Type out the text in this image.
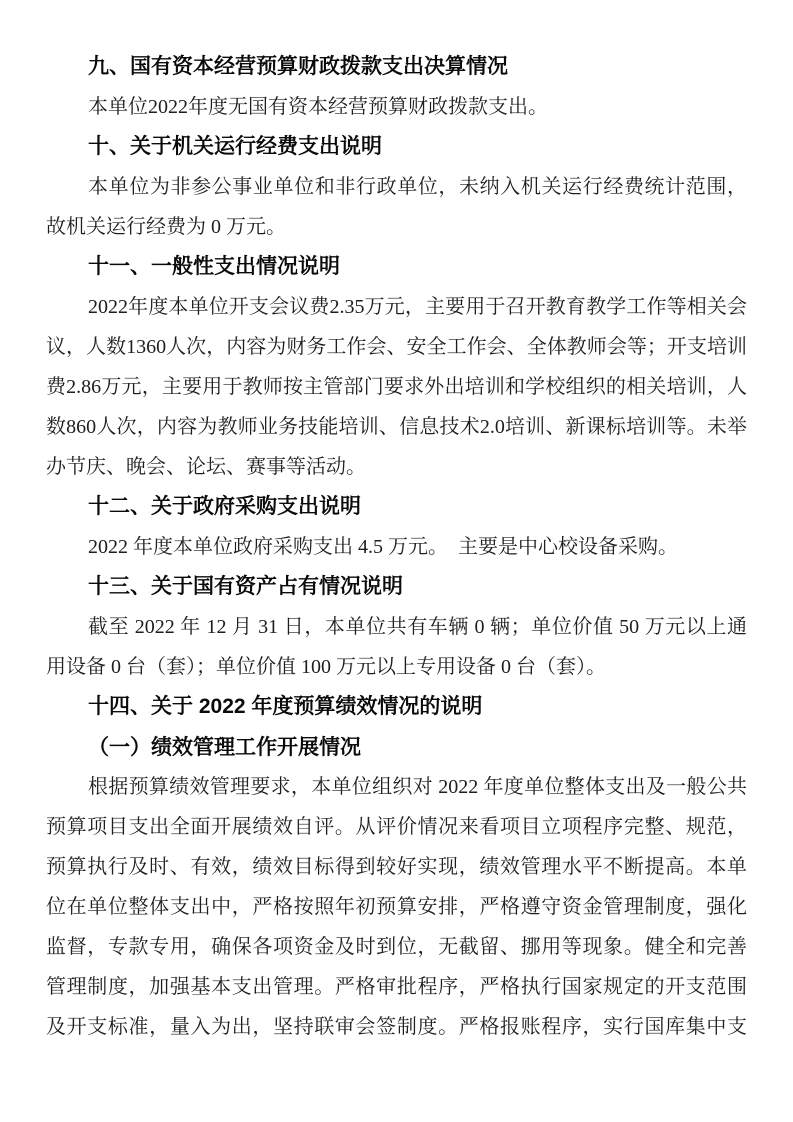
九、国有资本经营预算财政拨款支出决算情况
本单位2022年度无国有资本经营预算财政拨款支出。
十、关于机关运行经费支出说明
本单位为非参公事业单位和非行政单位，未纳入机关运行经费统计范围，
故机关运行经费为 0 万元。
十一、一般性支出情况说明
2022年度本单位开支会议费2.35万元，主要用于召开教育教学工作等相关会
议，人数1360人次，内容为财务工作会、安全工作会、全体教师会等；开支培训
费2.86万元，主要用于教师按主管部门要求外出培训和学校组织的相关培训，人
数860人次，内容为教师业务技能培训、信息技术2.0培训、新课标培训等。未举
办节庆、晚会、论坛、赛事等活动。
十二、关于政府采购支出说明
2022 年度本单位政府采购支出 4.5 万元。　主要是中心校设备采购。
十三、关于国有资产占有情况说明
截至 2022 年 12 月 31 日，本单位共有车辆 0 辆；单位价值 50 万元以上通
用设备 0 台（套）；单位价值 100 万元以上专用设备 0 台（套）。
十四、关于 2022 年度预算绩效情况的说明
（一）绩效管理工作开展情况
根据预算绩效管理要求，本单位组织对 2022 年度单位整体支出及一般公共
预算项目支出全面开展绩效自评。从评价情况来看项目立项程序完整、规范，
预算执行及时、有效，绩效目标得到较好实现，绩效管理水平不断提高。本单
位在单位整体支出中，严格按照年初预算安排，严格遵守资金管理制度，强化
监督，专款专用，确保各项资金及时到位，无截留、挪用等现象。健全和完善
管理制度，加强基本支出管理。严格审批程序，严格执行国家规定的开支范围
及开支标准，量入为出，坚持联审会签制度。严格报账程序，实行国库集中支
